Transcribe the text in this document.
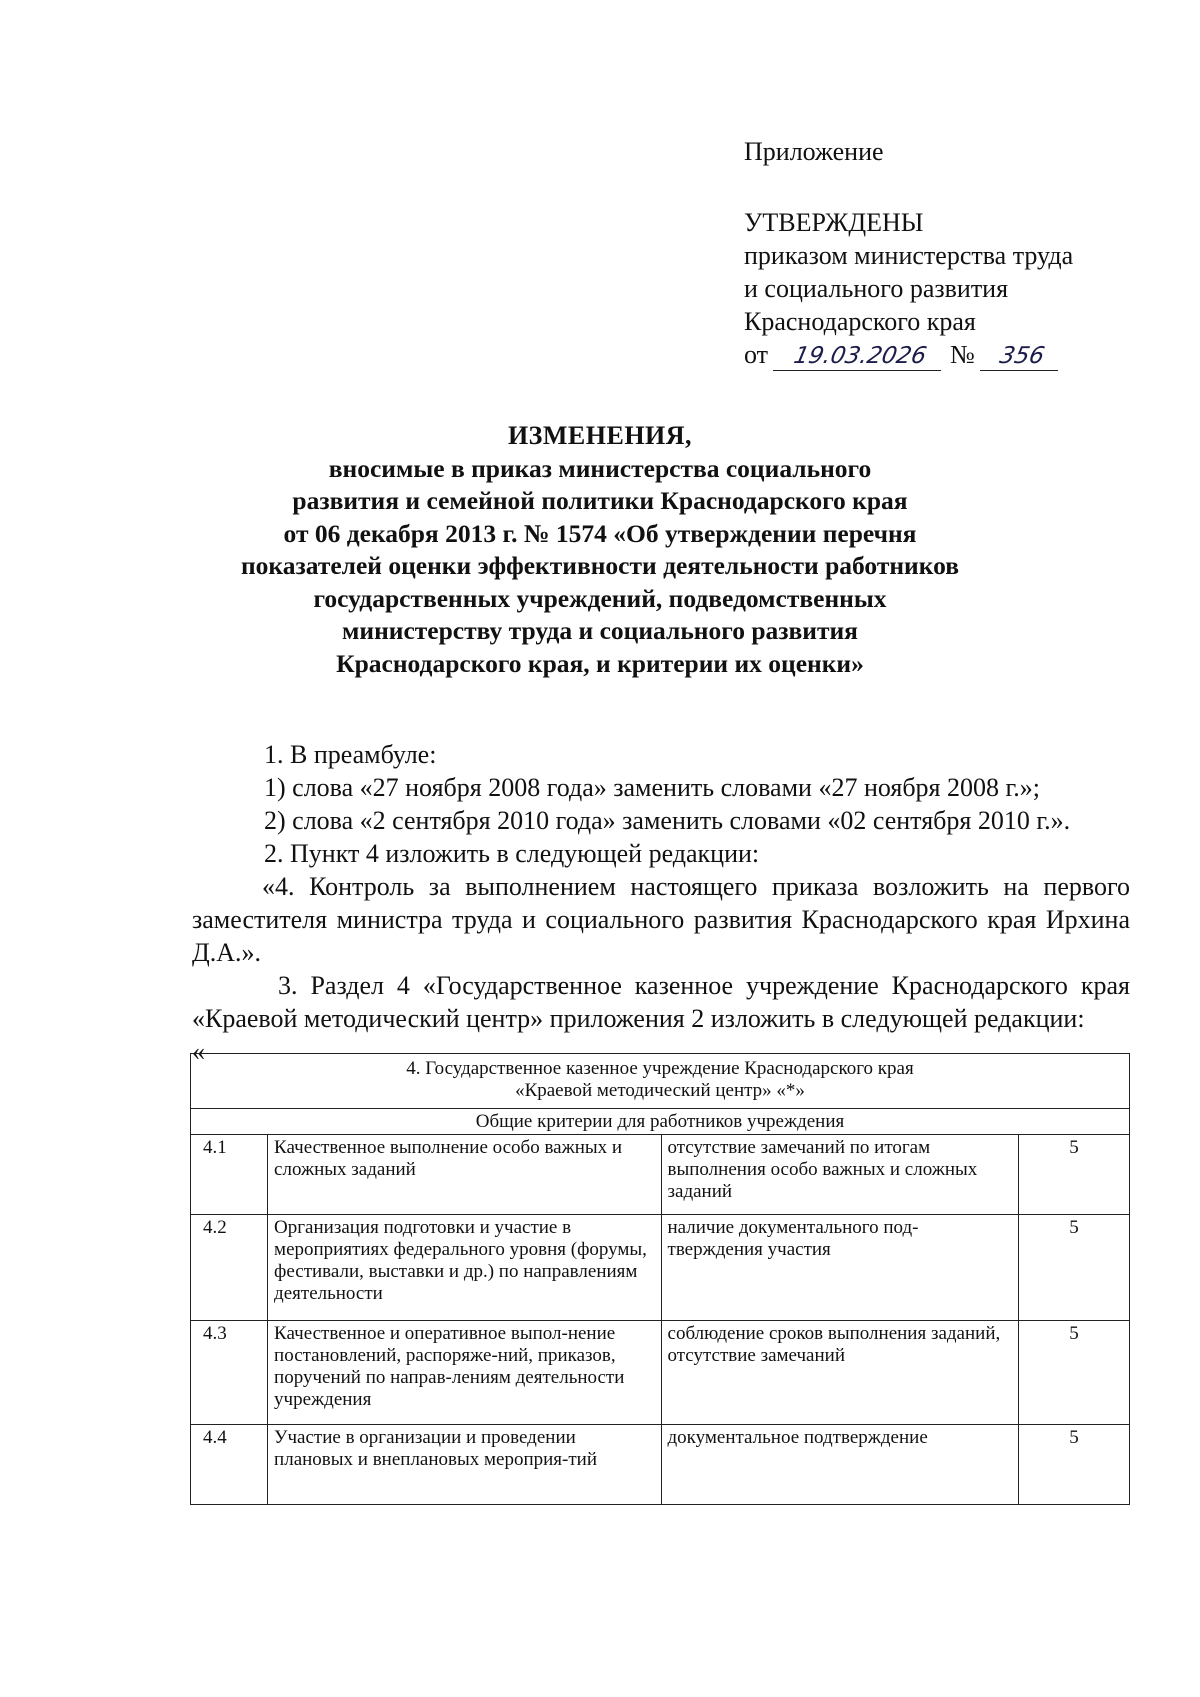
Приложение
УТВЕРЖДЕНЫ
приказом министерства труда
и социального развития
Краснодарского края
от 19.03.2026 № 356
ИЗМЕНЕНИЯ,
вносимые в приказ министерства социального
развития и семейной политики Краснодарского края
от 06 декабря 2013 г. № 1574 «Об утверждении перечня
показателей оценки эффективности деятельности работников
государственных учреждений, подведомственных
министерству труда и социального развития
Краснодарского края, и критерии их оценки»

1. В преамбуле:

1) слова «27 ноября 2008 года» заменить словами «27 ноября 2008 г.»;

2) слова «2 сентября 2010 года» заменить словами «02 сентября 2010 г.».

2. Пункт 4 изложить в следующей редакции:

«4. Контроль за выполнением настоящего приказа возложить на первого заместителя министра труда и социального развития Краснодарского края Ирхина Д.А.».

3. Раздел 4 «Государственное казенное учреждение Краснодарского края «Краевой методический центр» приложения 2 изложить в следующей редакции:

«

4. Государственное казенное учреждение Краснодарского края
«Краевой методический центр» «*»			

Общие критерии для работников учреждения			
4.1	Качественное выполнение особо важных и сложных заданий	отсутствие замечаний по итогам выполнения особо важных и сложных заданий	5
4.2	Организация подготовки и участие в мероприятиях федерального уровня (форумы, фестивали, выставки и др.) по направлениям деятельности	наличие документального под-тверждения участия	5
4.3	Качественное и оперативное выпол-нение постановлений, распоряже-ний, приказов, поручений по направ-лениям деятельности учреждения	соблюдение сроков выполнения заданий, отсутствие замечаний	5
4.4	Участие в организации и проведении плановых и внеплановых мероприя-тий	документальное подтверждение	5
